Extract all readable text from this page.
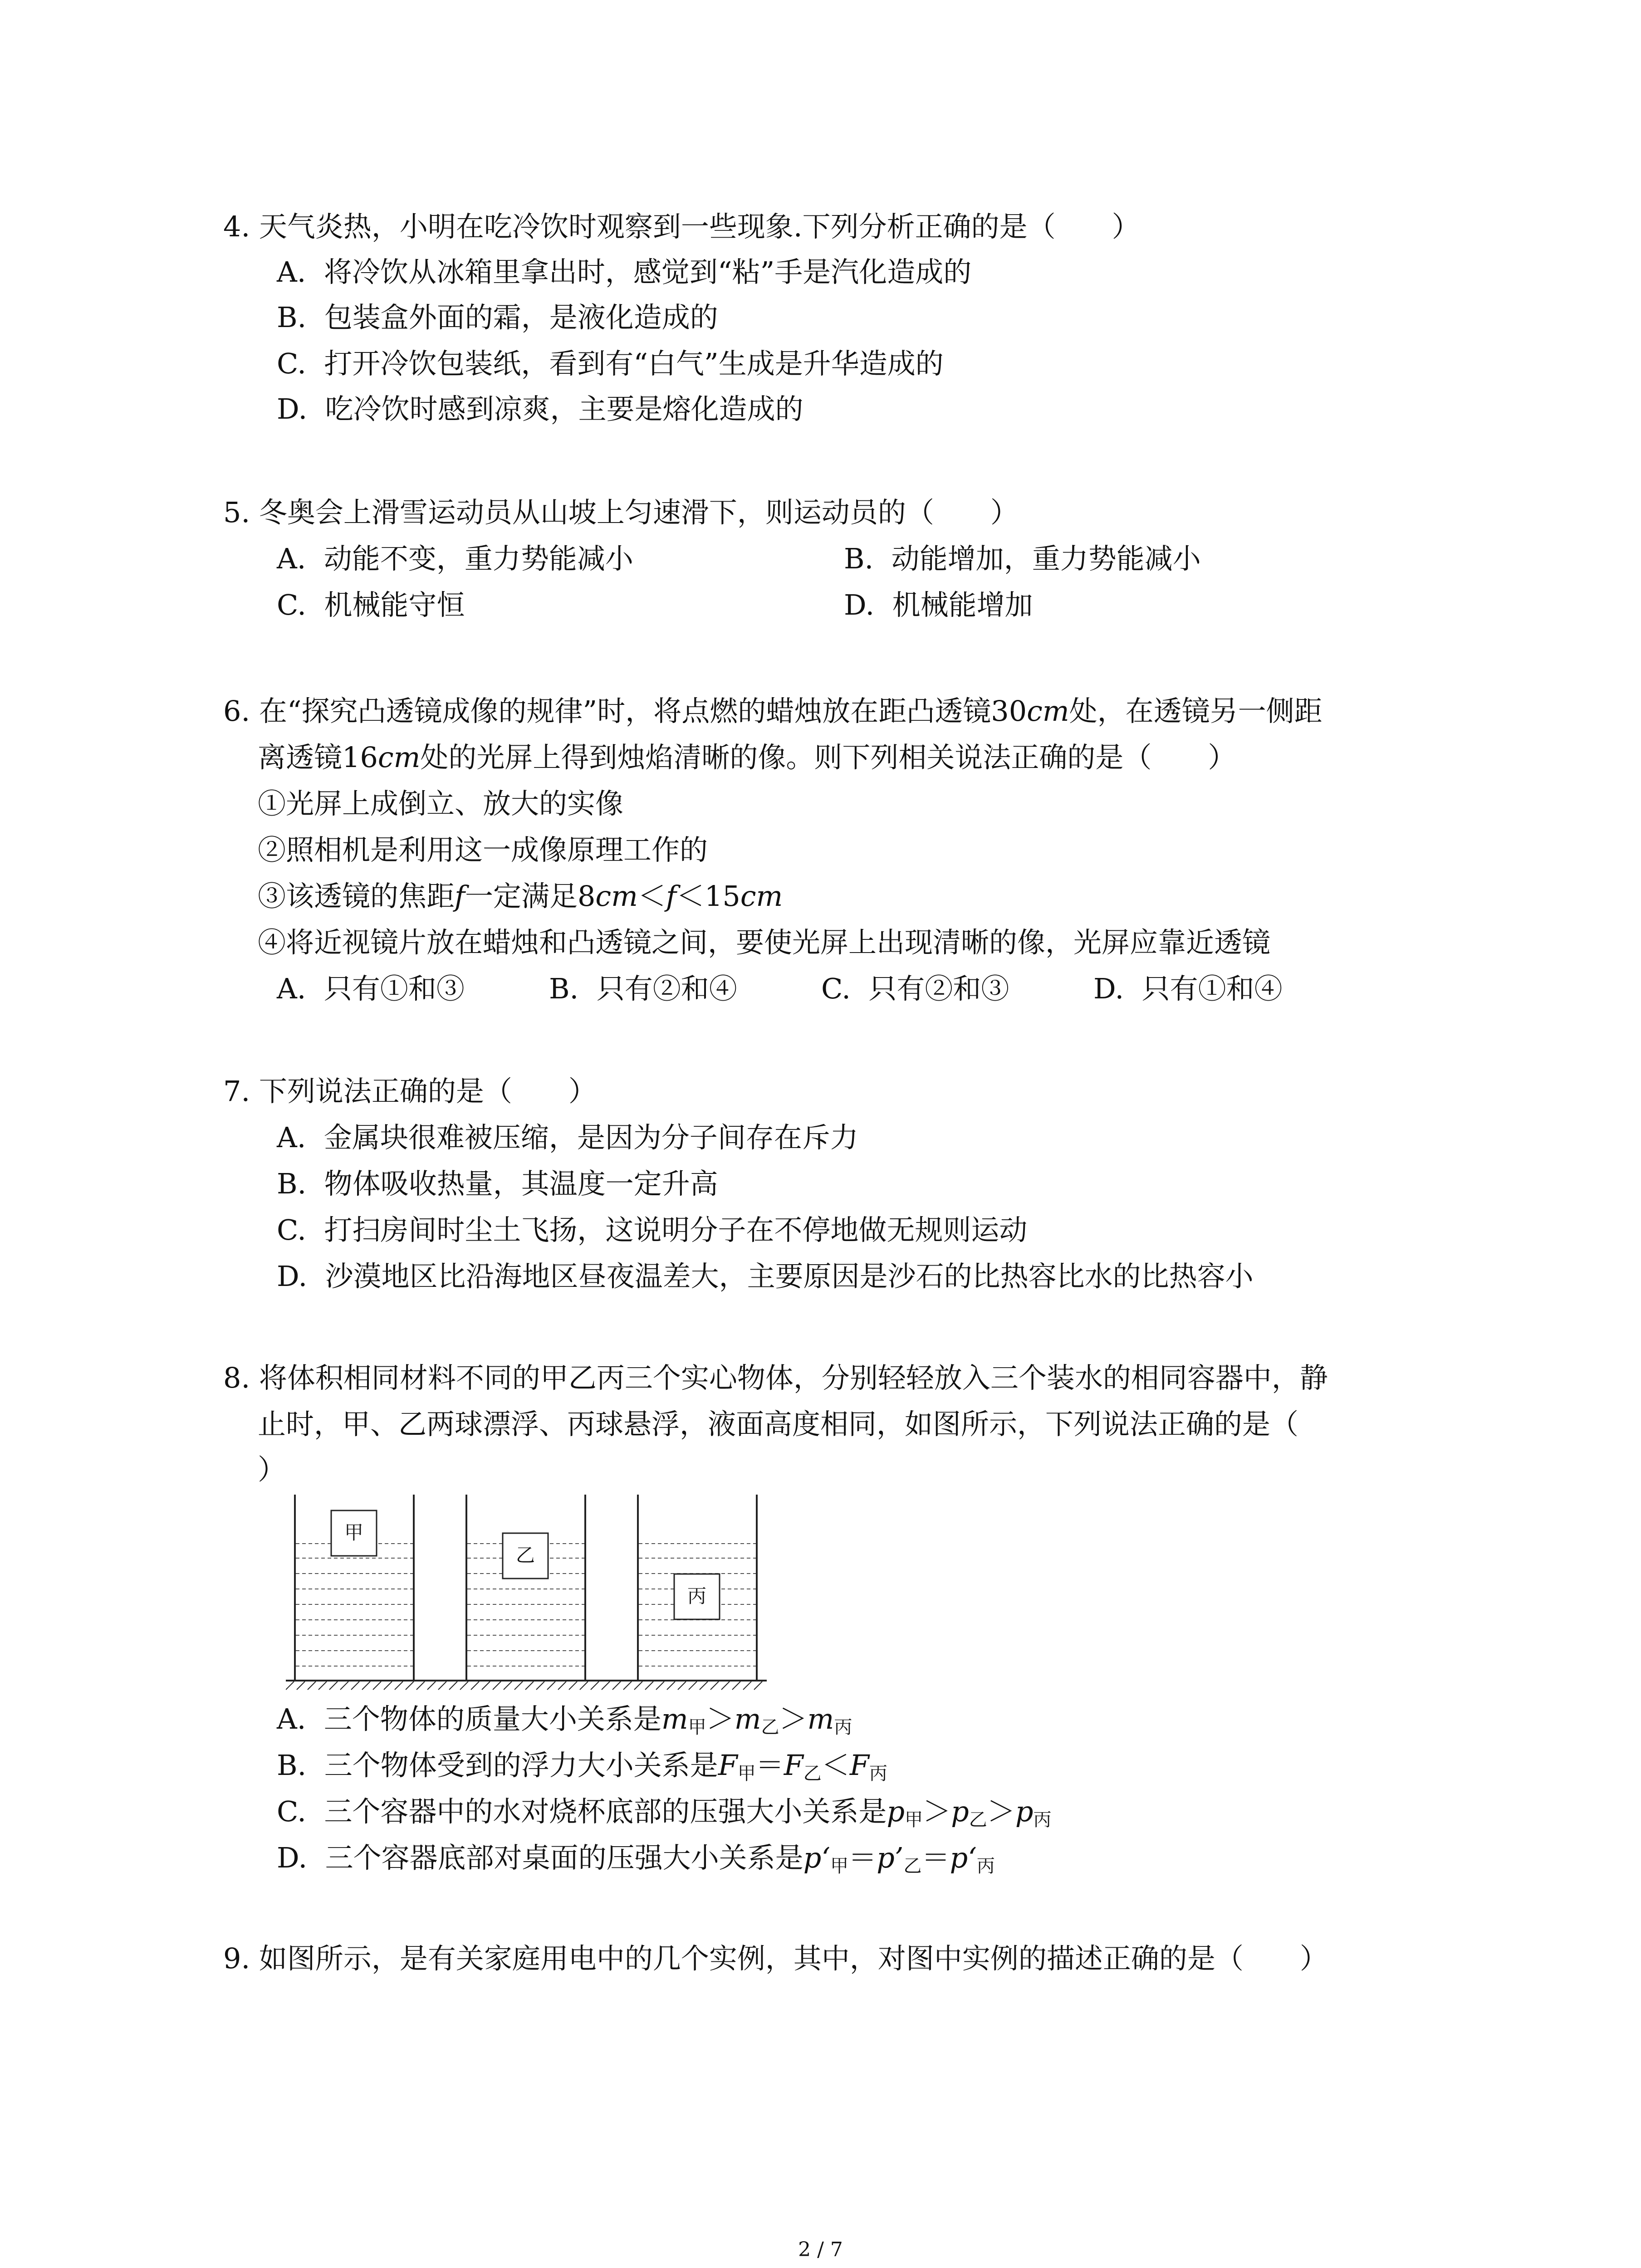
4. 天气炎热，小明在吃冷饮时观察到一些现象.下列分析正确的是（　　）
A. 将冷饮从冰箱里拿出时，感觉到“粘”手是汽化造成的
B. 包装盒外面的霜，是液化造成的
C. 打开冷饮包装纸，看到有“白气”生成是升华造成的
D. 吃冷饮时感到凉爽，主要是熔化造成的
5. 冬奥会上滑雪运动员从山坡上匀速滑下，则运动员的（　　）
A. 动能不变，重力势能减小	B. 动能增加，重力势能减小
C. 机械能守恒	D. 机械能增加
6. 在“探究凸透镜成像的规律”时，将点燃的蜡烛放在距凸透镜30cm处，在透镜另一侧距
离透镜16cm处的光屏上得到烛焰清晰的像。则下列相关说法正确的是（　　）
①光屏上成倒立、放大的实像
②照相机是利用这一成像原理工作的
③该透镜的焦距f一定满足8cm＜f＜15cm
④将近视镜片放在蜡烛和凸透镜之间，要使光屏上出现清晰的像，光屏应靠近透镜
A. 只有①和③	B. 只有②和④	C. 只有②和③	D. 只有①和④
7. 下列说法正确的是（　　）
A. 金属块很难被压缩，是因为分子间存在斥力
B. 物体吸收热量，其温度一定升高
C. 打扫房间时尘土飞扬，这说明分子在不停地做无规则运动
D. 沙漠地区比沿海地区昼夜温差大，主要原因是沙石的比热容比水的比热容小
8. 将体积相同材料不同的甲乙丙三个实心物体，分别轻轻放入三个装水的相同容器中，静
止时，甲、乙两球漂浮、丙球悬浮，液面高度相同，如图所示，下列说法正确的是（
）
甲
乙
丙
A. 三个物体的质量大小关系是$m_甲>m_乙>m_丙$
B. 三个物体受到的浮力大小关系是$F_甲=F_乙<F_丙$
C. 三个容器中的水对烧杯底部的压强大小关系是$p_甲>p_乙>p_丙$
D. 三个容器底部对桌面的压强大小关系是$p‘_甲=p’_乙=p‘_丙$
9. 如图所示，是有关家庭用电中的几个实例，其中，对图中实例的描述正确的是（　　）
2 / 7
